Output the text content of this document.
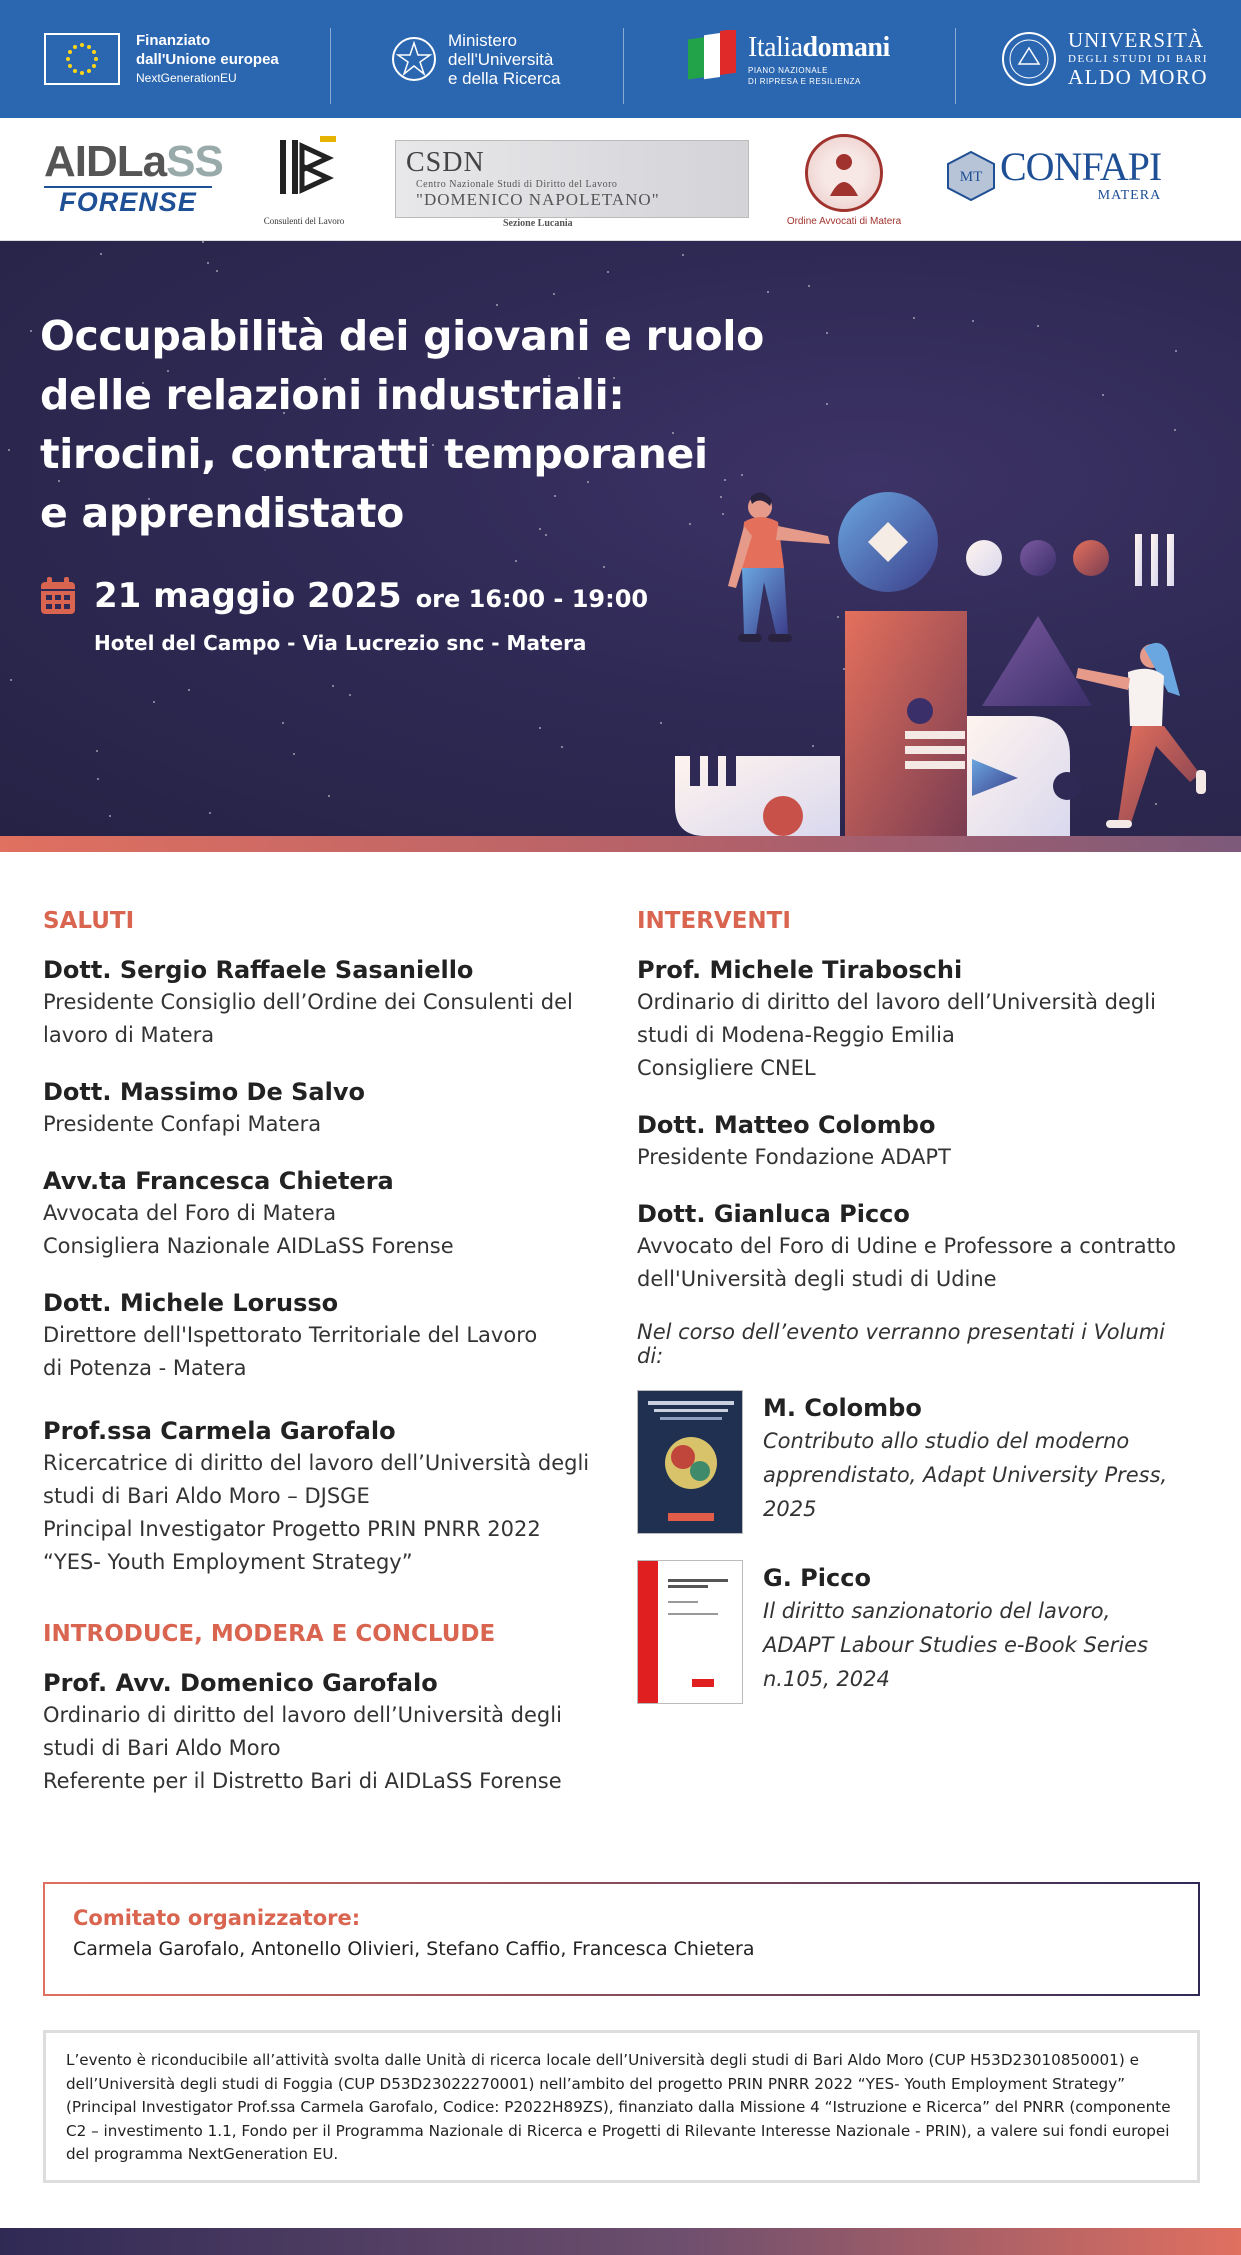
Finanziato
dall'Unione europea
NextGenerationEU
Ministero
dell'Università
e della Ricerca
Italiadomani
PIANO NAZIONALE
DI RIPRESA E RESILIENZA
UNIVERSITÀ
DEGLI STUDI DI BARI
ALDO MORO
AIDLaSS
FORENSE
Consulenti del Lavoro
CSDN
Centro Nazionale Studi di Diritto del Lavoro
"DOMENICO NAPOLETANO"
Sezione Lucania	Ordine Avvocati di Matera
MT CONFAPI
MATERA
Occupabilità dei giovani e ruolo
delle relazioni industriali:
tirocini, contratti temporanei
e apprendistato
21 maggio 2025 ore 16:00 - 19:00
Hotel del Campo - Via Lucrezio snc - Matera
SALUTI
Dott. Sergio Raffaele Sasaniello
Presidente Consiglio dell’Ordine dei Consulenti del
lavoro di Matera
Dott. Massimo De Salvo
Presidente Confapi Matera
Avv.ta Francesca Chietera
Avvocata del Foro di Matera
Consigliera Nazionale AIDLaSS Forense
Dott. Michele Lorusso
Direttore dell'Ispettorato Territoriale del Lavoro
di Potenza - Matera
Prof.ssa Carmela Garofalo
Ricercatrice di diritto del lavoro dell’Università degli
studi di Bari Aldo Moro – DJSGE
Principal Investigator Progetto PRIN PNRR 2022
“YES- Youth Employment Strategy”
INTRODUCE, MODERA E CONCLUDE
Prof. Avv. Domenico Garofalo
Ordinario di diritto del lavoro dell’Università degli
studi di Bari Aldo Moro
Referente per il Distretto Bari di AIDLaSS Forense
INTERVENTI
Prof. Michele Tiraboschi
Ordinario di diritto del lavoro dell’Università degli
studi di Modena-Reggio Emilia
Consigliere CNEL
Dott. Matteo Colombo
Presidente Fondazione ADAPT
Dott. Gianluca Picco
Avvocato del Foro di Udine e Professore a contratto
dell'Università degli studi di Udine
Nel corso dell’evento verranno presentati i Volumi di:
M. Colombo
Contributo allo studio del moderno
apprendistato, Adapt University Press,
2025
G. Picco
Il diritto sanzionatorio del lavoro,
ADAPT Labour Studies e-Book Series
n.105, 2024
Comitato organizzatore:
Carmela Garofalo, Antonello Olivieri, Stefano Caffio, Francesca Chietera

L’evento è riconducibile all’attività svolta dalle Unità di ricerca locale dell’Università degli studi di Bari Aldo Moro (CUP H53D23010850001) e dell’Università degli studi di Foggia (CUP D53D23022270001) nell’ambito del progetto PRIN PNRR 2022 “YES- Youth Employment Strategy” (Principal Investigator Prof.ssa Carmela Garofalo, Codice: P2022H89ZS), finanziato dalla Missione 4 “Istruzione e Ricerca” del PNRR (componente C2 – investimento 1.1, Fondo per il Programma Nazionale di Ricerca e Progetti di Rilevante Interesse Nazionale - PRIN), a valere sui fondi europei del programma NextGeneration EU.
